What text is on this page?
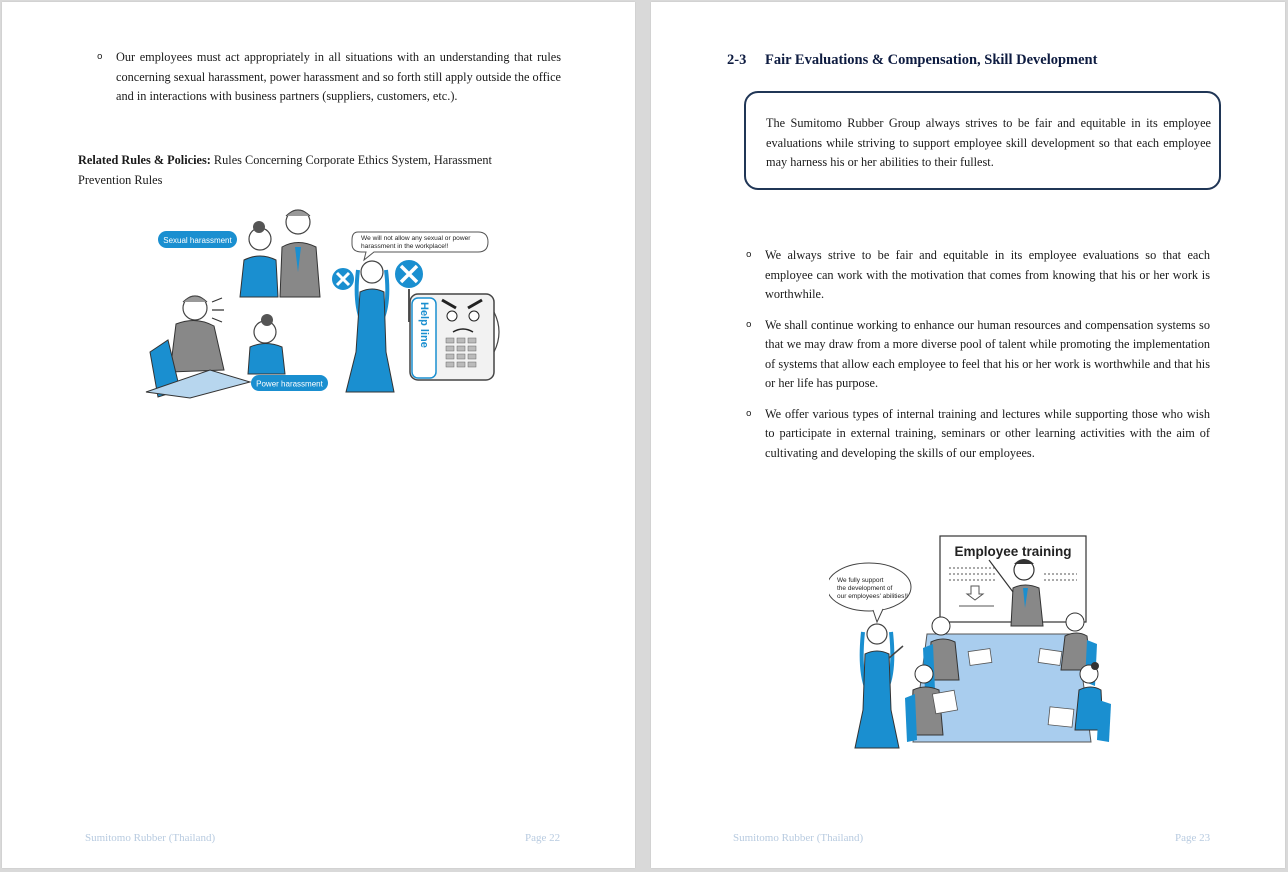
o Our employees must act appropriately in all situations with an understanding that rules concerning sexual harassment, power harassment and so forth still apply outside the office and in interactions with business partners (suppliers, customers, etc.).
Related Rules & Policies: Rules Concerning Corporate Ethics System, Harassment Prevention Rules
Sexual harassment
Power harassment
We will not allow any sexual or power
harassment in the workplace!!
Help line
Sumitomo Rubber (Thailand)	Page 22
2-3 Fair Evaluations & Compensation, Skill Development

The Sumitomo Rubber Group always strives to be fair and equitable in its employee evaluations while striving to support employee skill development so that each employee may harness his or her abilities to their fullest.

o We always strive to be fair and equitable in its employee evaluations so that each employee can work with the motivation that comes from knowing that his or her work is worthwhile.
o We shall continue working to enhance our human resources and compensation systems so that we may draw from a more diverse pool of talent while promoting the implementation of systems that allow each employee to feel that his or her work is worthwhile and that his or her life has purpose.
o We offer various types of internal training and lectures while supporting those who wish to participate in external training, seminars or other learning activities with the aim of cultivating and developing the skills of our employees.
Employee training
We fully support
the development of
our employees' abilities!!
Sumitomo Rubber (Thailand)	Page 23
